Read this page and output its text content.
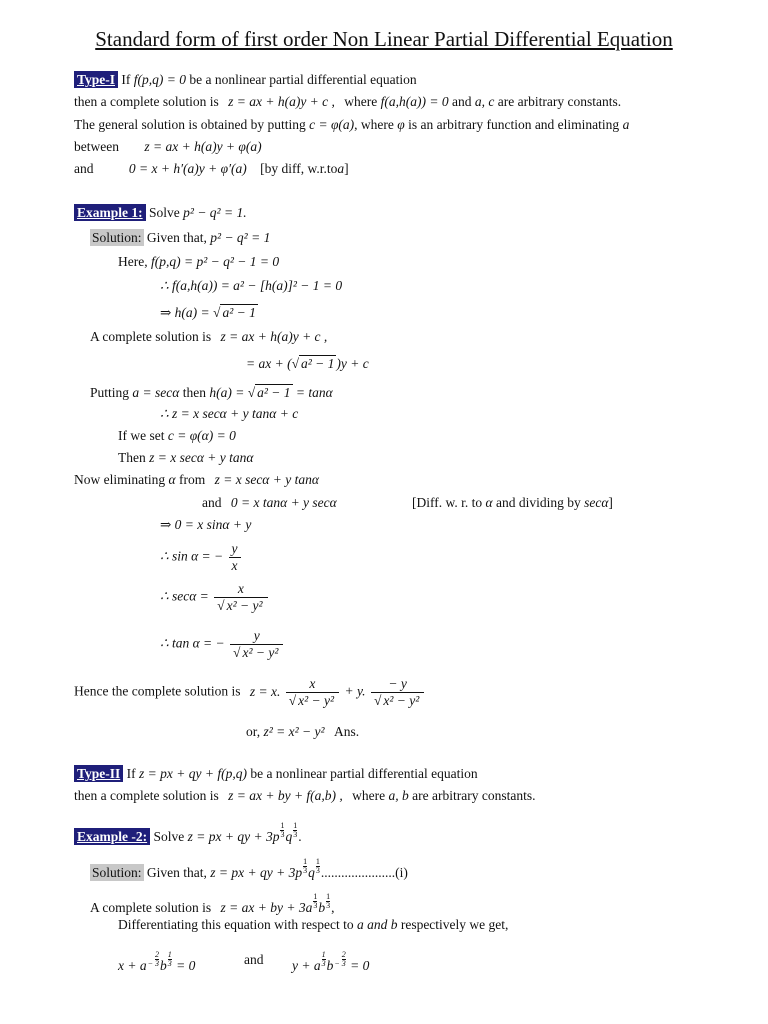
Standard form of first order Non Linear Partial Differential Equation
Type-I If f(p,q) = 0 be a nonlinear partial differential equation
then a complete solution is z = ax + h(a)y + c , where f(a,h(a)) = 0 and a, c are arbitrary constants.
The general solution is obtained by putting c = φ(a), where φ is an arbitrary function and eliminating a
between z = ax + h(a)y + φ(a)
and	0 = x + h′(a)y + φ′(a) [by diff, w.r.toa]
Example 1: Solve p² − q² = 1.
Solution: Given that, p² − q² = 1
Here, f(p,q) = p² − q² − 1 = 0
∴ f(a,h(a)) = a² − [h(a)]² − 1 = 0
⇒ h(a) = √ a² − 1
A complete solution is z = ax + h(a)y + c ,
= ax + (√ a² − 1 )y + c
Putting a = secα then h(a) = √ a² − 1 = tanα
∴ z = x secα + y tanα + c
If we set c = φ(α) = 0
Then z = x secα + y tanα
Now eliminating α from z = x secα + y tanα
and 0 = x tanα + y secα	[Diff. w. r. to α and dividing by secα]
⇒ 0 = x sinα + y
∴ sin α = − $\frac{y}{x}$
∴ $\sec\alpha = \frac{x}{\text{√ x² − y²}}$
∴ tan α = − $\frac{y}{\text{√ x² − y²}}$
Hence the complete solution is z = x. $\frac{x}{\text{√ x² − y²}} + y$. $\frac{- y}{\text{√ x² − y²}}$
or, z² = x² − y² Ans.
Type-II If z = px + qy + f(p,q) be a nonlinear partial differential equation
then a complete solution is z = ax + by + f(a,b) , where a, b are arbitrary constants.
Example -2: Solve z = px + qy + $3p \frac{1}{3}$ q $\frac{1}{3}$ .
Solution: Given that, z = px + qy + $3p \frac{1}{3}$ q $\frac{1}{3} ......................(i)$
A complete solution is z = ax + by + $3a \frac{1}{3}$ b $\frac{1}{3}$ ,
Differentiating this equation with respect to a and b respectively we get,
$x + a - \frac{2}{3}$ b $\frac{1}{3} = 0$	and y + a $\frac{1}{3}$ $b - \frac{2}{3} = 0$
